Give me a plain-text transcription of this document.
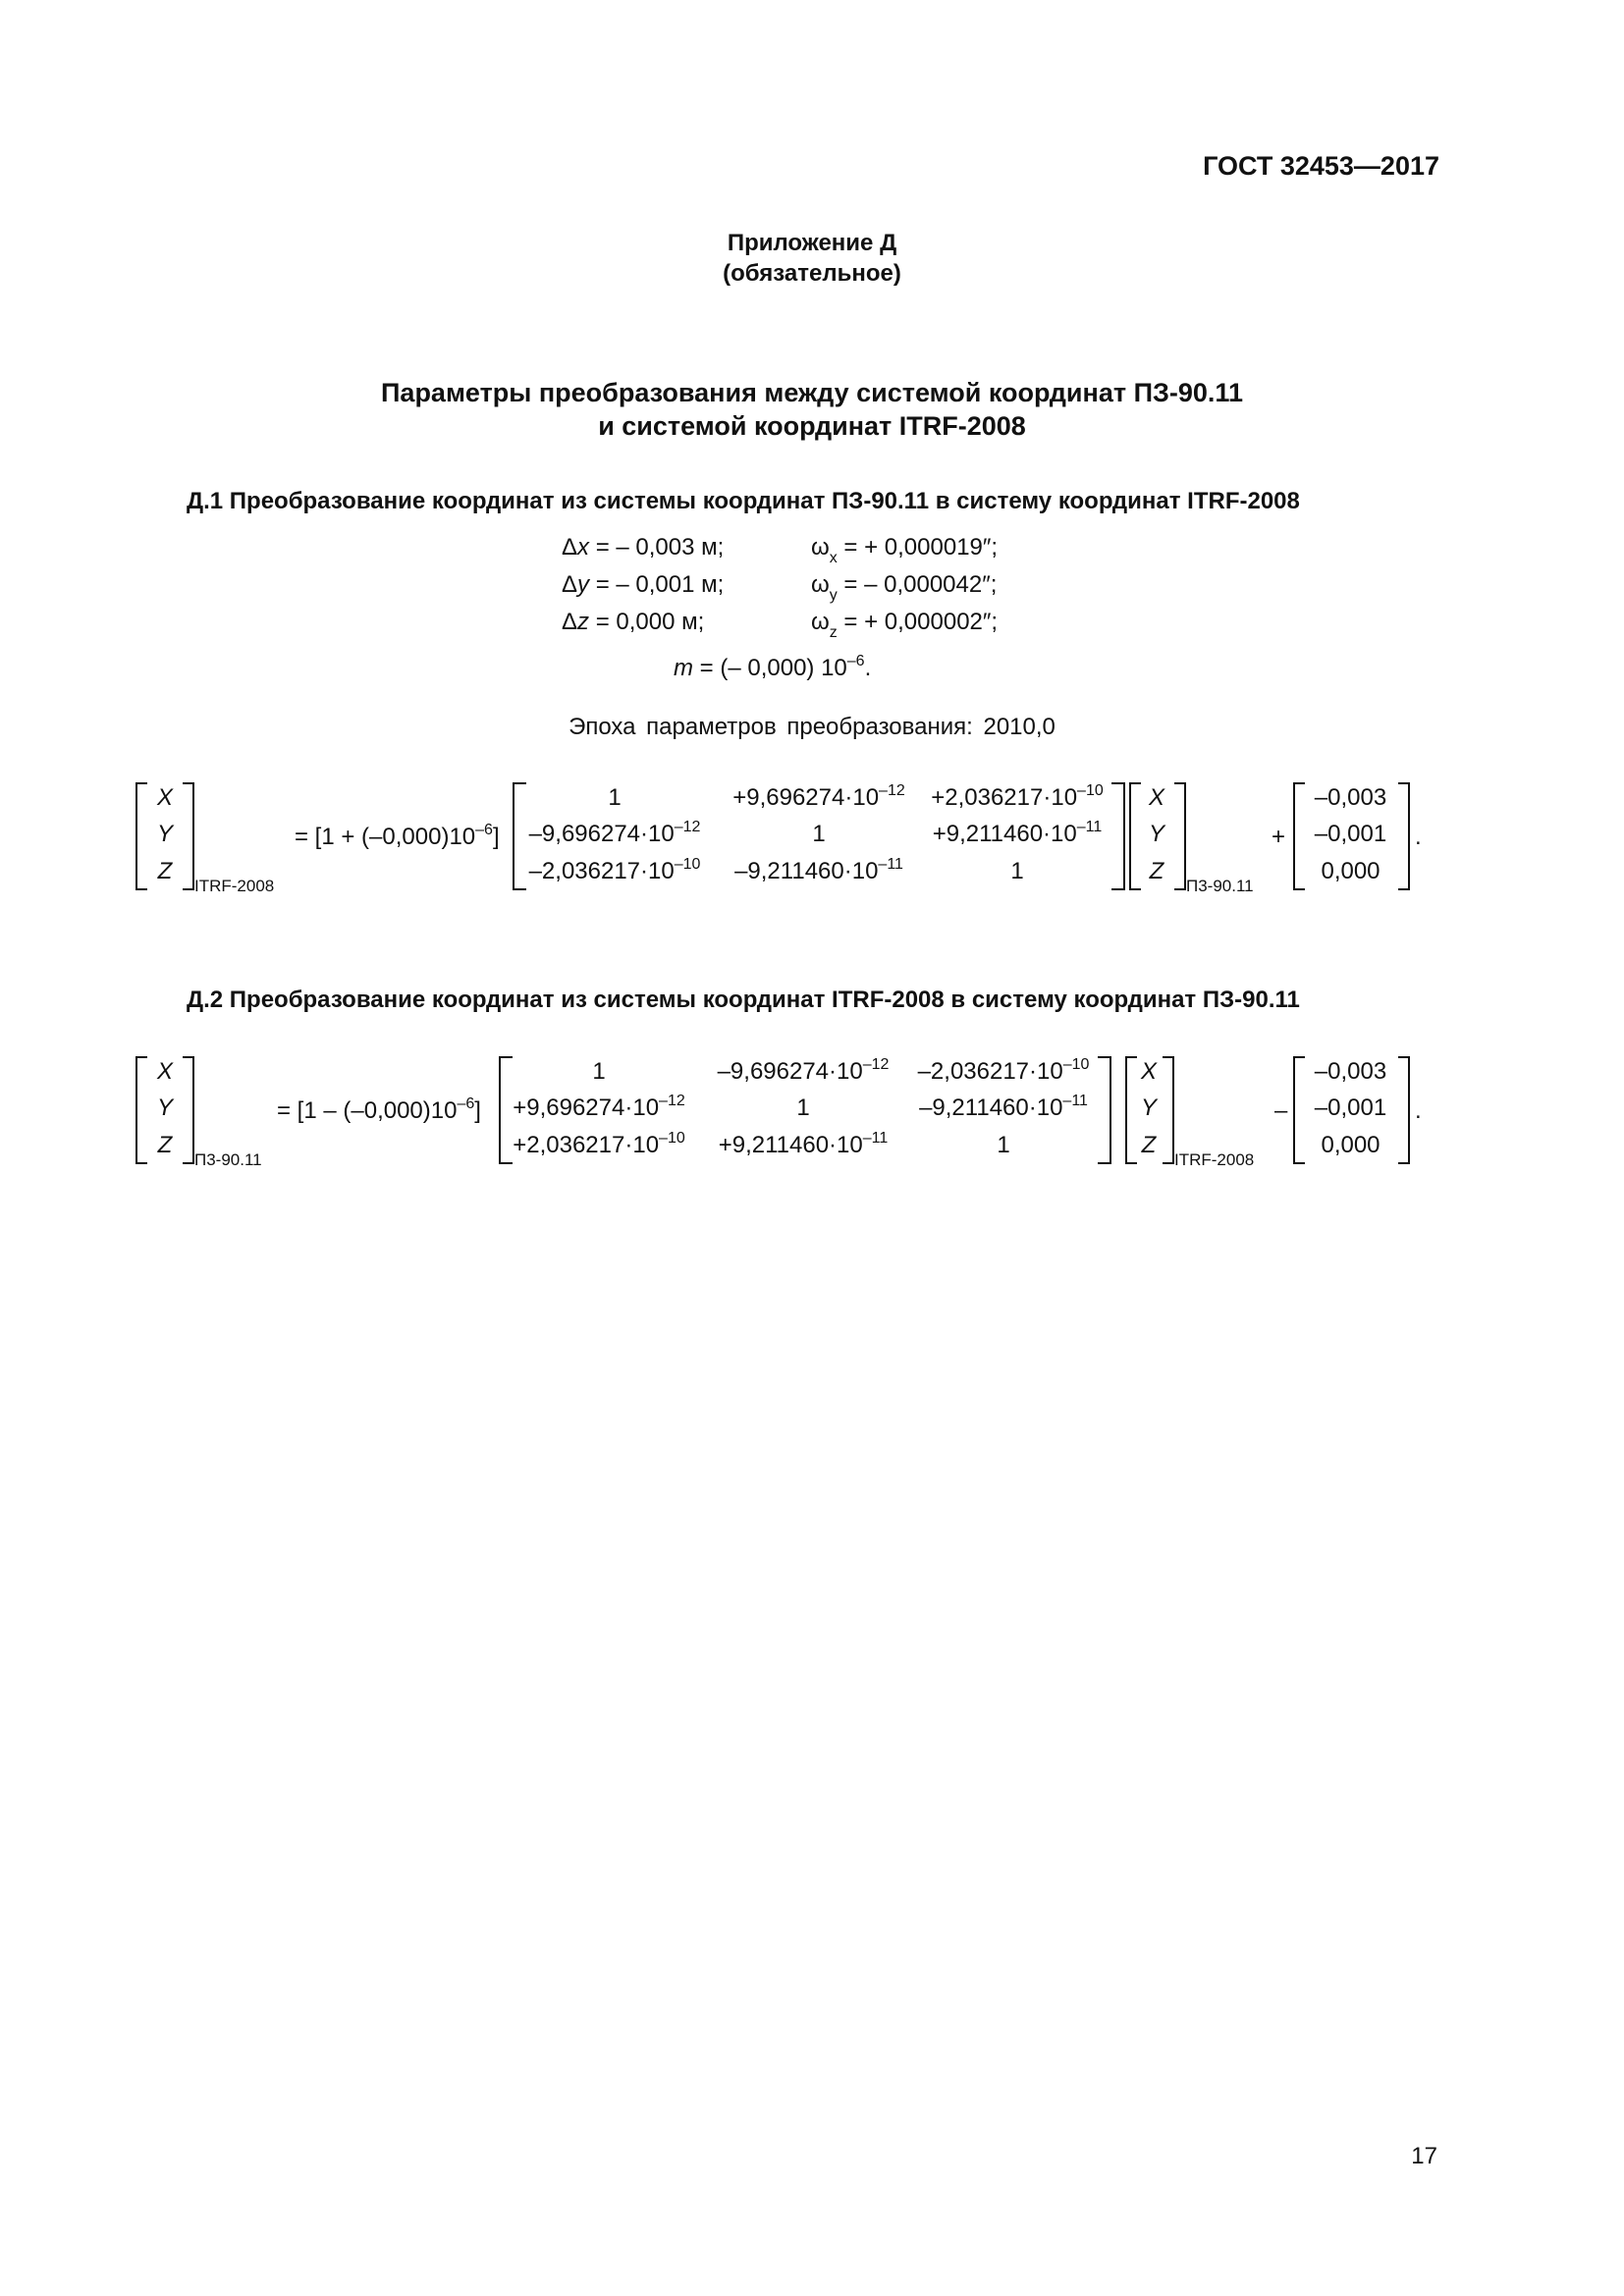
ГОСТ 32453—2017
Приложение Д
(обязательное)
Параметры преобразования между системой координат ПЗ-90.11
и системой координат ITRF-2008
Д.1 Преобразование координат из системы координат ПЗ-90.11 в систему координат ITRF-2008
Δx = – 0,003 м;
Δy = – 0,001 м;
Δz = 0,000 м;
$\omega_x$ = + 0,000019″;
$\omega_y$ = – 0,000042″;
$\omega_z$ = + 0,000002″;
m = (– 0,000) $10^{-6}$.
Эпоха параметров преобразования: 2010,0
X
Y
Z
ITRF-2008
= $[1 + (-0,000)10^{-6}]$
1	$+9,696274\cdot 10^{-12}$	$+2,036217\cdot 10^{-10}$
$-9,696274\cdot 10^{-12}$	1	$+9,211460\cdot 10^{-11}$
$-2,036217\cdot 10^{-10}$	$-9,211460\cdot 10^{-11}$	1
X
Y
Z
П3-90.11
+
–0,003
–0,001
0,000
.
Д.2 Преобразование координат из системы координат ITRF-2008 в систему координат ПЗ-90.11
X
Y
Z
П3-90.11
= $[1 - (-0,000)10^{-6}]$
1	$-9,696274\cdot 10^{-12}$	$-2,036217\cdot 10^{-10}$
$+9,696274\cdot 10^{-12}$	1	$-9,211460\cdot 10^{-11}$
$+2,036217\cdot 10^{-10}$	$+9,211460\cdot 10^{-11}$	1
X
Y
Z
ITRF-2008
–
–0,003
–0,001
0,000
.
17
